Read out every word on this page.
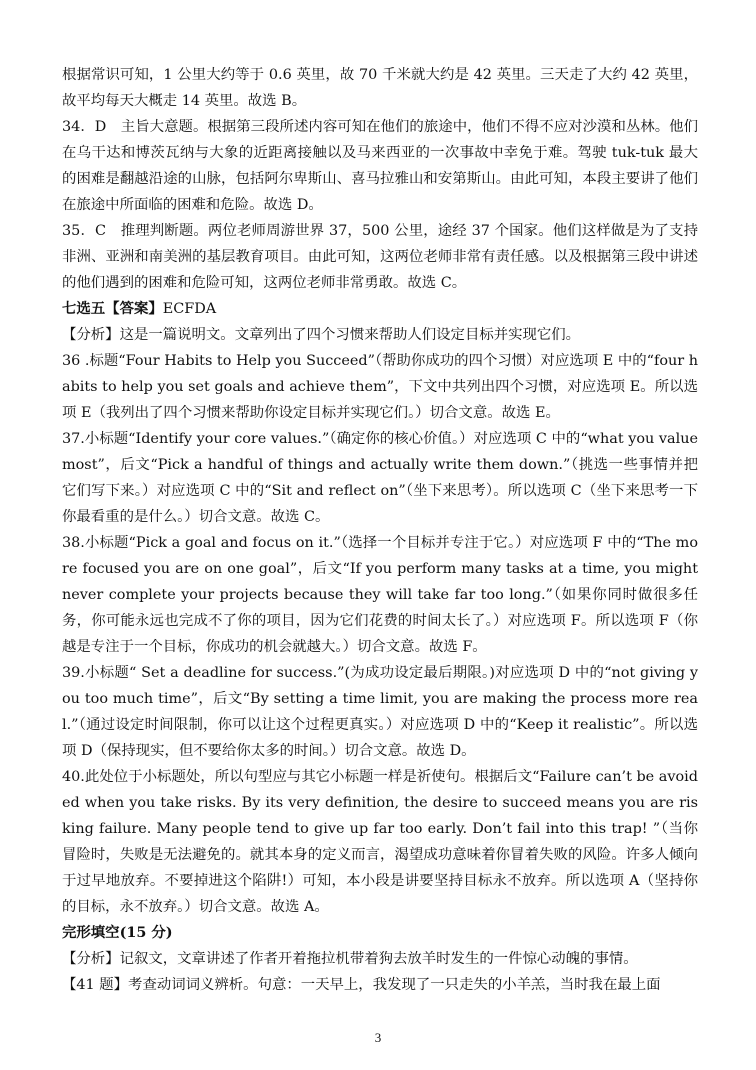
根据常识可知，1 公里大约等于 0.6 英里，故 70 千米就大约是 42 英里。三天走了大约 42 英里，故平均每天大概走 14 英里。故选 B。

34．D　主旨大意题。根据第三段所述内容可知在他们的旅途中，他们不得不应对沙漠和丛林。他们在乌干达和博茨瓦纳与大象的近距离接触以及马来西亚的一次事故中幸免于难。驾驶 tuk-tuk 最大的困难是翻越沿途的山脉，包括阿尔卑斯山、喜马拉雅山和安第斯山。由此可知，本段主要讲了他们在旅途中所面临的困难和危险。故选 D。

35．C　推理判断题。两位老师周游世界 37，500 公里，途经 37 个国家。他们这样做是为了支持非洲、亚洲和南美洲的基层教育项目。由此可知，这两位老师非常有责任感。以及根据第三段中讲述的他们遇到的困难和危险可知，这两位老师非常勇敢。故选 C。

七选五【答案】ECFDA

【分析】这是一篇说明文。文章列出了四个习惯来帮助人们设定目标并实现它们。

36 .标题“Four Habits to Help you Succeed”（帮助你成功的四个习惯）对应选项 E 中的“four habits to help you set goals and achieve them”，下文中共列出四个习惯，对应选项 E。所以选项 E（我列出了四个习惯来帮助你设定目标并实现它们。）切合文意。故选 E。

37.小标题“Identify your core values.”（确定你的核心价值。）对应选项 C 中的“what you value most”，后文“Pick a handful of things and actually write them down.”（挑选一些事情并把它们写下来。）对应选项 C 中的“Sit and reflect on”（坐下来思考）。所以选项 C（坐下来思考一下你最看重的是什么。）切合文意。故选 C。

38.小标题“Pick a goal and focus on it.”（选择一个目标并专注于它。）对应选项 F 中的“The more focused you are on one goal”，后文“If you perform many tasks at a time, you might never complete your projects because they will take far too long.”（如果你同时做很多任务，你可能永远也完成不了你的项目，因为它们花费的时间太长了。）对应选项 F。所以选项 F（你越是专注于一个目标，你成功的机会就越大。）切合文意。故选 F。

39.小标题“ Set a deadline for success.”(为成功设定最后期限。)对应选项 D 中的“not giving you too much time”，后文“By setting a time limit, you are making the process more real.”（通过设定时间限制，你可以让这个过程更真实。）对应选项 D 中的“Keep it realistic”。所以选项 D（保持现实，但不要给你太多的时间。）切合文意。故选 D。

40.此处位于小标题处，所以句型应与其它小标题一样是祈使句。根据后文“Failure can’t be avoided when you take risks. By its very definition, the desire to succeed means you are risking failure. Many people tend to give up far too early. Don’t fail into this trap! ”（当你冒险时，失败是无法避免的。就其本身的定义而言，渴望成功意味着你冒着失败的风险。许多人倾向于过早地放弃。不要掉进这个陷阱!）可知，本小段是讲要坚持目标永不放弃。所以选项 A（坚持你的目标，永不放弃。）切合文意。故选 A。

完形填空(15 分)

【分析】记叙文，文章讲述了作者开着拖拉机带着狗去放羊时发生的一件惊心动魄的事情。

【41 题】考查动词词义辨析。句意：一天早上，我发现了一只走失的小羊羔，当时我在最上面

3
